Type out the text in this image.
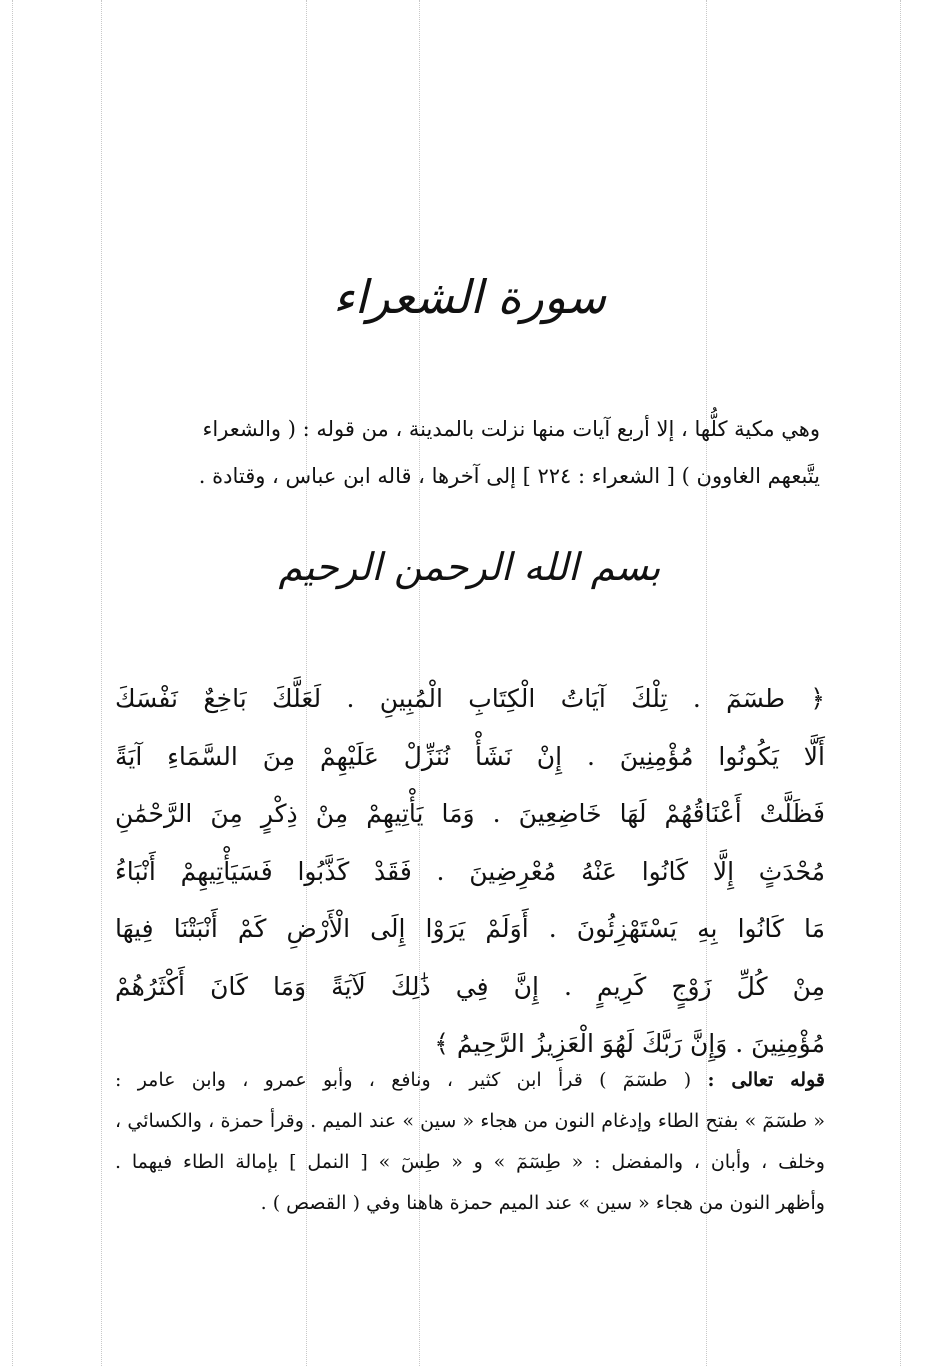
سورة الشعراء
وهي مكية كلُّها ، إلا أربع آيات منها نزلت بالمدينة ، من قوله : ( والشعراء
يتَّبعهم الغاوون ) [ الشعراء : ٢٢٤ ] إلى آخرها ، قاله ابن عباس ، وقتادة .
بسم الله الرحمن الرحيم
﴿ طسٓمٓ . تِلْكَ آيَاتُ الْكِتَابِ الْمُبِينِ . لَعَلَّكَ بَاخِعٌ نَفْسَكَ
أَلَّا يَكُونُوا مُؤْمِنِينَ . إِنْ نَشَأْ نُنَزِّلْ عَلَيْهِمْ مِنَ السَّمَاءِ آيَةً
فَظَلَّتْ أَعْنَاقُهُمْ لَهَا خَاضِعِينَ . وَمَا يَأْتِيهِمْ مِنْ ذِكْرٍ مِنَ الرَّحْمَٰنِ
مُحْدَثٍ إِلَّا كَانُوا عَنْهُ مُعْرِضِينَ . فَقَدْ كَذَّبُوا فَسَيَأْتِيهِمْ أَنْبَاءُ
مَا كَانُوا بِهِ يَسْتَهْزِئُونَ . أَوَلَمْ يَرَوْا إِلَى الْأَرْضِ كَمْ أَنْبَتْنَا فِيهَا
مِنْ كُلِّ زَوْجٍ كَرِيمٍ . إِنَّ فِي ذَٰلِكَ لَآيَةً وَمَا كَانَ أَكْثَرُهُمْ
مُؤْمِنِينَ . وَإِنَّ رَبَّكَ لَهُوَ الْعَزِيزُ الرَّحِيمُ ﴾
قوله تعالى : ( طسٓمٓ ) قرأ ابن كثير ، ونافع ، وأبو عمرو ، وابن عامر :
« طسٓمٓ » بفتح الطاء وإدغام النون من هجاء « سين » عند الميم . وقرأ حمزة ، والكسائي ،
وخلف ، وأبان ، والمفضل : « طِسٓمٓ » و « طِسٓ » [ النمل ] بإمالة الطاء فيهما .
وأظهر النون من هجاء « سين » عند الميم حمزة هاهنا وفي ( القصص ) .
